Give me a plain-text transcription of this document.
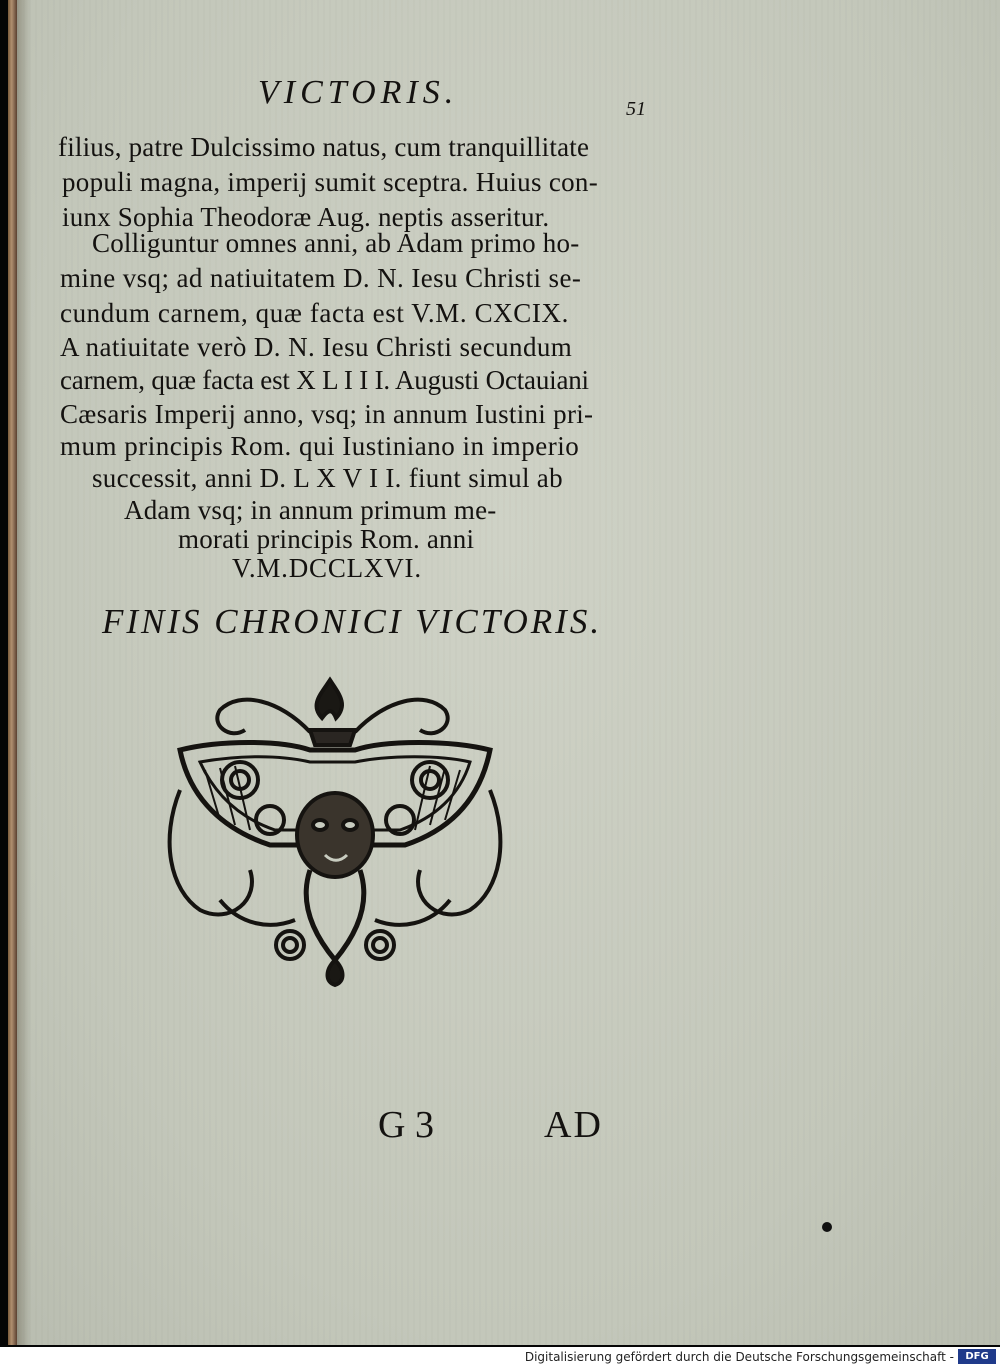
VICTORIS.	51
filius, patre Dulcissimo natus, cum tranquillitate
populi magna, imperij sumit sceptra. Huius con-
iunx Sophia Theodoræ Aug. neptis asseritur.
Colliguntur omnes anni, ab Adam primo ho-
mine vsq; ad natiuitatem D. N. Iesu Christi se-
cundum carnem, quæ facta est V.M. CXCIX.
A natiuitate verò D. N. Iesu Christi secundum
carnem, quæ facta est X L I I I. Augusti Octauiani
Cæsaris Imperij anno, vsq; in annum Iustini pri-
mum principis Rom. qui Iustiniano in imperio
successit, anni D. L X V I I. fiunt simul ab
Adam vsq; in annum primum me-
morati principis Rom. anni
V.M.DCCLXVI.
FINIS CHRONICI VICTORIS.
G 3	AD
Digitalisierung gefördert durch die Deutsche Forschungsgemeinschaft -	DFG
